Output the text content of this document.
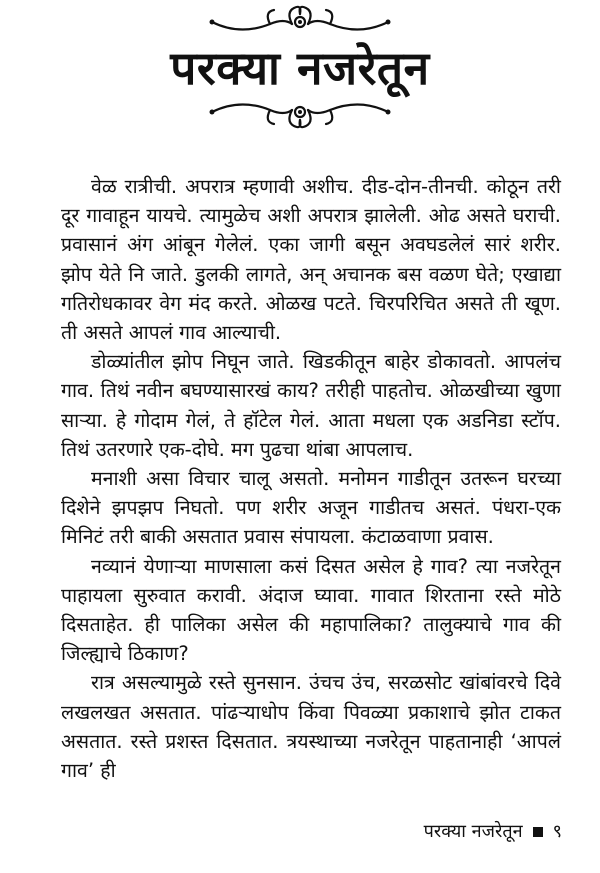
परक्या नजरेतून

वेळ रात्रीची. अपरात्र म्हणावी अशीच. दीड-दोन-तीनची. कोठून तरी दूर गावाहून यायचे. त्यामुळेच अशी अपरात्र झालेली. ओढ असते घराची. प्रवासानं अंग आंबून गेलेलं. एका जागी बसून अवघडलेलं सारं शरीर. झोप येते नि जाते. डुलकी लागते, अन् अचानक बस वळण घेते; एखाद्या गतिरोधकावर वेग मंद करते. ओळख पटते. चिरपरिचित असते ती खूण. ती असते आपलं गाव आल्याची.

डोळ्यांतील झोप निघून जाते. खिडकीतून बाहेर डोकावतो. आपलंच गाव. तिथं नवीन बघण्यासारखं काय? तरीही पाहतोच. ओळखीच्या खुणा साऱ्या. हे गोदाम गेलं, ते हॉटेल गेलं. आता मधला एक अडनिडा स्टॉप. तिथं उतरणारे एक-दोघे. मग पुढचा थांबा आपलाच.

मनाशी असा विचार चालू असतो. मनोमन गाडीतून उतरून घरच्या दिशेने झपझप निघतो. पण शरीर अजून गाडीतच असतं. पंधरा-एक मिनिटं तरी बाकी असतात प्रवास संपायला. कंटाळवाणा प्रवास.

नव्यानं येणाऱ्या माणसाला कसं दिसत असेल हे गाव? त्या नजरेतून पाहायला सुरुवात करावी. अंदाज घ्यावा. गावात शिरताना रस्ते मोठे दिसताहेत. ही पालिका असेल की महापालिका? तालुक्याचे गाव की जिल्ह्याचे ठिकाण?

रात्र असल्यामुळे रस्ते सुनसान. उंचच उंच, सरळसोट खांबांवरचे दिवे लखलखत असतात. पांढऱ्याधोप किंवा पिवळ्या प्रकाशाचे झोत टाकत असतात. रस्ते प्रशस्त दिसतात. त्रयस्थाच्या नजरेतून पाहतानाही ‘आपलं गाव’ ही

परक्या नजरेतून ९
